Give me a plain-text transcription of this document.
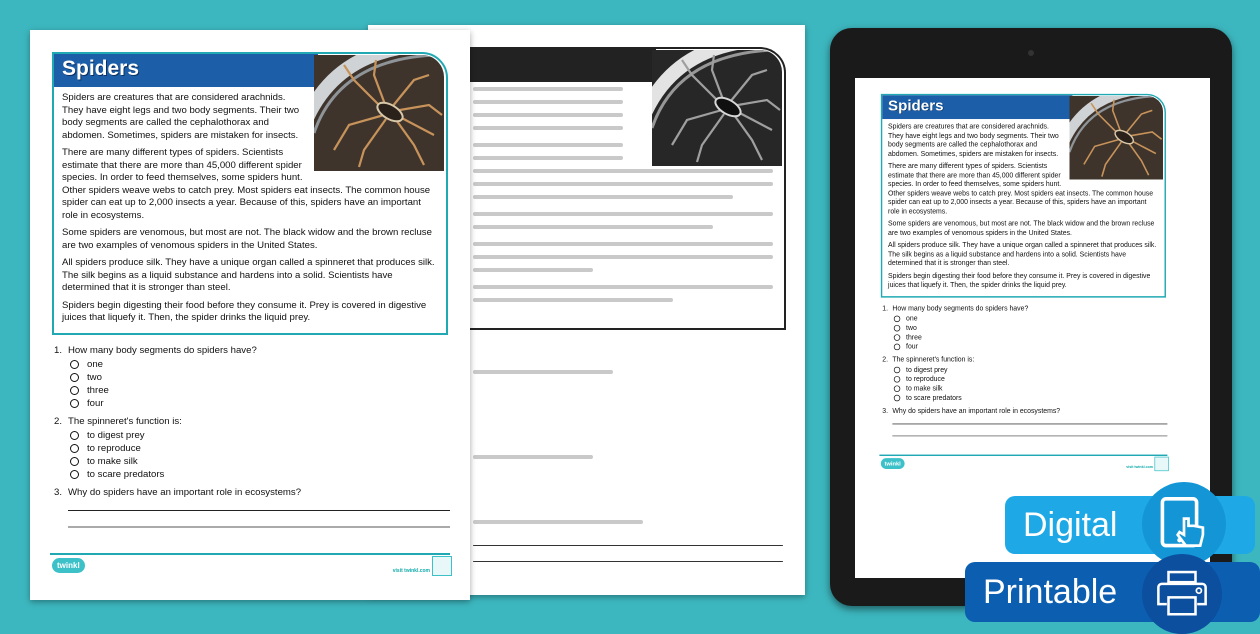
Spiders

Spiders are creatures that are considered arachnids. They have eight legs and two body segments. Their two body segments are called the cephalothorax and abdomen. Sometimes, spiders are mistaken for insects.

There are many different types of spiders. Scientists estimate that there are more than 45,000 different spider species. In order to feed themselves, some spiders hunt. Other spiders weave webs to catch prey. Most spiders eat insects. The common house spider can eat up to 2,000 insects a year. Because of this, spiders have an important role in ecosystems.

Some spiders are venomous, but most are not. The black widow and the brown recluse are two examples of venomous spiders in the United States.

All spiders produce silk. They have a unique organ called a spinneret that produces silk. The silk begins as a liquid substance and hardens into a solid. Scientists have determined that it is stronger than steel.

Spiders begin digesting their food before they consume it. Prey is covered in digestive juices that liquefy it. Then, the spider drinks the liquid prey.

1. How many body segments do spiders have?
one
two
three
four
2. The spinneret's function is:
to digest prey
to reproduce
to make silk
to scare predators
3. Why do spiders have an important role in ecosystems?
twinkl
visit twinkl.com
Spiders

Spiders are creatures that are considered arachnids. They have eight legs and two body segments. Their two body segments are called the cephalothorax and abdomen. Sometimes, spiders are mistaken for insects.

There are many different types of spiders. Scientists estimate that there are more than 45,000 different spider species. In order to feed themselves, some spiders hunt. Other spiders weave webs to catch prey. Most spiders eat insects. The common house spider can eat up to 2,000 insects a year. Because of this, spiders have an important role in ecosystems.

Some spiders are venomous, but most are not. The black widow and the brown recluse are two examples of venomous spiders in the United States.

All spiders produce silk. They have a unique organ called a spinneret that produces silk. The silk begins as a liquid substance and hardens into a solid. Scientists have determined that it is stronger than steel.

Spiders begin digesting their food before they consume it. Prey is covered in digestive juices that liquefy it. Then, the spider drinks the liquid prey.

1. How many body segments do spiders have?
one
two
three
four
2. The spinneret's function is:
to digest prey
to reproduce
to make silk
to scare predators
3. Why do spiders have an important role in ecosystems?
twinkl
visit twinkl.com
Digital
Printable
